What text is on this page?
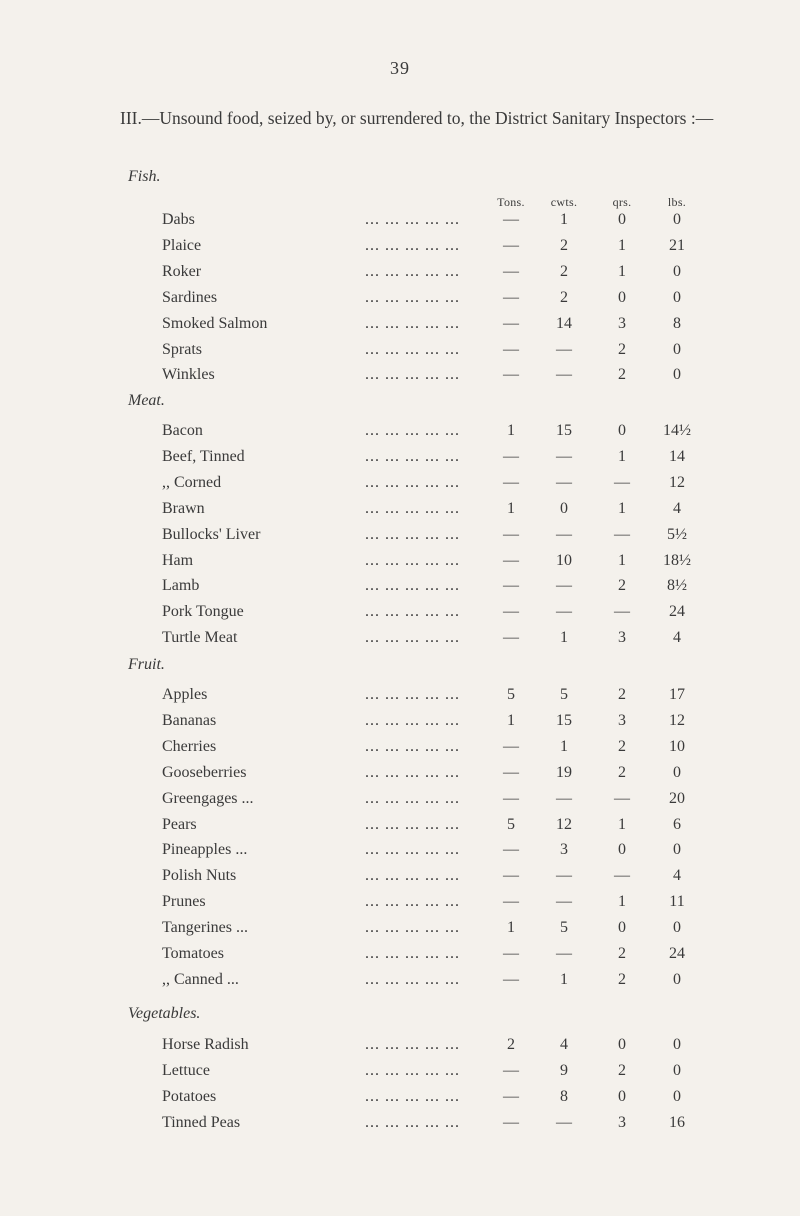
39
III.—Unsound food, seized by, or surrendered to, the District Sanitary Inspectors :—
Fish.
Tons.	cwts.	qrs.	lbs.
Dabs	... ... ... ... ...	—	1	0	0
Plaice	... ... ... ... ...	—	2	1	21
Roker	... ... ... ... ...	—	2	1	0
Sardines	... ... ... ... ...	—	2	0	0
Smoked Salmon	... ... ... ... ...	—	14	3	8
Sprats	... ... ... ... ...	—	—	2	0
Winkles	... ... ... ... ...	—	—	2	0
Meat.
Bacon	... ... ... ... ...	1	15	0	14½
Beef, Tinned	... ... ... ... ...	—	—	1	14
,, Corned	... ... ... ... ...	—	—	—	12
Brawn	... ... ... ... ...	1	0	1	4
Bullocks' Liver	... ... ... ... ...	—	—	—	5½
Ham	... ... ... ... ...	—	10	1	18½
Lamb	... ... ... ... ...	—	—	2	8½
Pork Tongue	... ... ... ... ...	—	—	—	24
Turtle Meat	... ... ... ... ...	—	1	3	4
Fruit.
Apples	... ... ... ... ...	5	5	2	17
Bananas	... ... ... ... ...	1	15	3	12
Cherries	... ... ... ... ...	—	1	2	10
Gooseberries	... ... ... ... ...	—	19	2	0
Greengages ...	... ... ... ... ...	—	—	—	20
Pears	... ... ... ... ...	5	12	1	6
Pineapples ...	... ... ... ... ...	—	3	0	0
Polish Nuts	... ... ... ... ...	—	—	—	4
Prunes	... ... ... ... ...	—	—	1	11
Tangerines ...	... ... ... ... ...	1	5	0	0
Tomatoes	... ... ... ... ...	—	—	2	24
,, Canned ...	... ... ... ... ...	—	1	2	0
Vegetables.
Horse Radish	... ... ... ... ...	2	4	0	0
Lettuce	... ... ... ... ...	—	9	2	0
Potatoes	... ... ... ... ...	—	8	0	0
Tinned Peas	... ... ... ... ...	—	—	3	16
